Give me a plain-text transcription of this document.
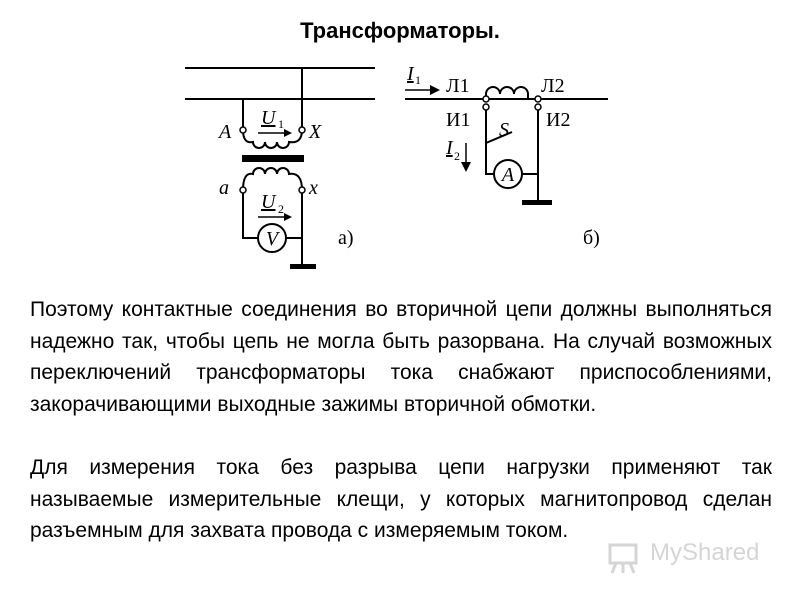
Трансформаторы.
A	X
a	x
U 1
U 2
V	а)
I 1 Л1	Л2
И1	И2
S
I 2
A
б)

Поэтому контактные соединения во вторичной цепи должны выполняться надежно так, чтобы цепь не могла быть разорвана. На случай возможных переключений трансформаторы тока снабжают приспособлениями, закорачивающими выходные зажимы вторичной обмотки.

Для измерения тока без разрыва цепи нагрузки применяют так называемые измерительные клещи, у которых магнитопровод сделан разъемным для захвата провода с измеряемым током.

MyShared
